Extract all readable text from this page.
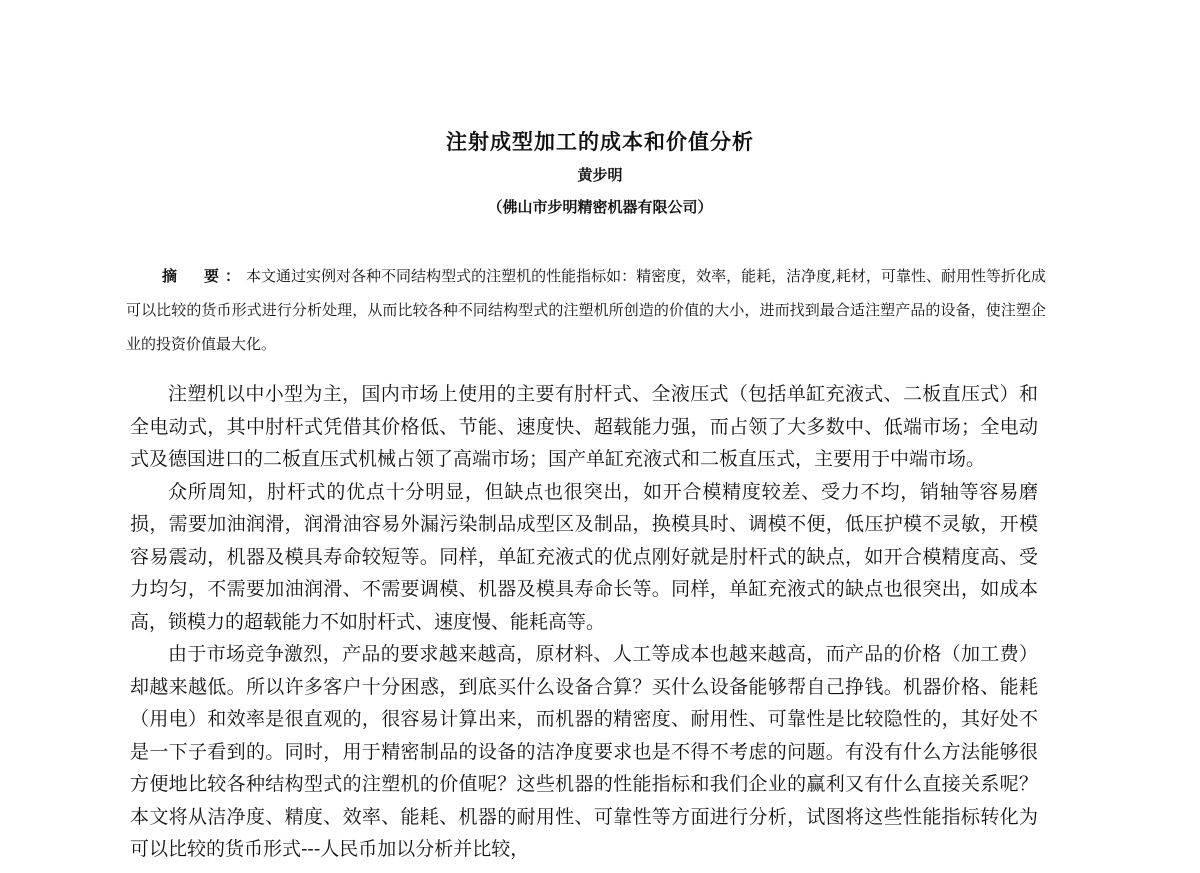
注射成型加工的成本和价值分析
黄步明
（佛山市步明精密机器有限公司）

摘　要：本文通过实例对各种不同结构型式的注塑机的性能指标如：精密度，效率，能耗，洁净度,耗材，可靠性、耐用性等折化成可以比较的货币形式进行分析处理，从而比较各种不同结构型式的注塑机所创造的价值的大小，进而找到最合适注塑产品的设备，使注塑企业的投资价值最大化。

注塑机以中小型为主，国内市场上使用的主要有肘杆式、全液压式（包括单缸充液式、二板直压式）和全电动式，其中肘杆式凭借其价格低、节能、速度快、超载能力强，而占领了大多数中、低端市场；全电动式及德国进口的二板直压式机械占领了高端市场；国产单缸充液式和二板直压式，主要用于中端市场。

众所周知，肘杆式的优点十分明显，但缺点也很突出，如开合模精度较差、受力不均，销轴等容易磨损，需要加油润滑，润滑油容易外漏污染制品成型区及制品，换模具时、调模不便，低压护模不灵敏，开模容易震动，机器及模具寿命较短等。同样，单缸充液式的优点刚好就是肘杆式的缺点，如开合模精度高、受力均匀，不需要加油润滑、不需要调模、机器及模具寿命长等。同样，单缸充液式的缺点也很突出，如成本高，锁模力的超载能力不如肘杆式、速度慢、能耗高等。

由于市场竞争激烈，产品的要求越来越高，原材料、人工等成本也越来越高，而产品的价格（加工费）却越来越低。所以许多客户十分困惑，到底买什么设备合算？买什么设备能够帮自己挣钱。机器价格、能耗（用电）和效率是很直观的，很容易计算出来，而机器的精密度、耐用性、可靠性是比较隐性的，其好处不是一下子看到的。同时，用于精密制品的设备的洁净度要求也是不得不考虑的问题。有没有什么方法能够很方便地比较各种结构型式的注塑机的价值呢？这些机器的性能指标和我们企业的赢利又有什么直接关系呢？本文将从洁净度、精度、效率、能耗、机器的耐用性、可靠性等方面进行分析，试图将这些性能指标转化为可以比较的货币形式---人民币加以分析并比较，
